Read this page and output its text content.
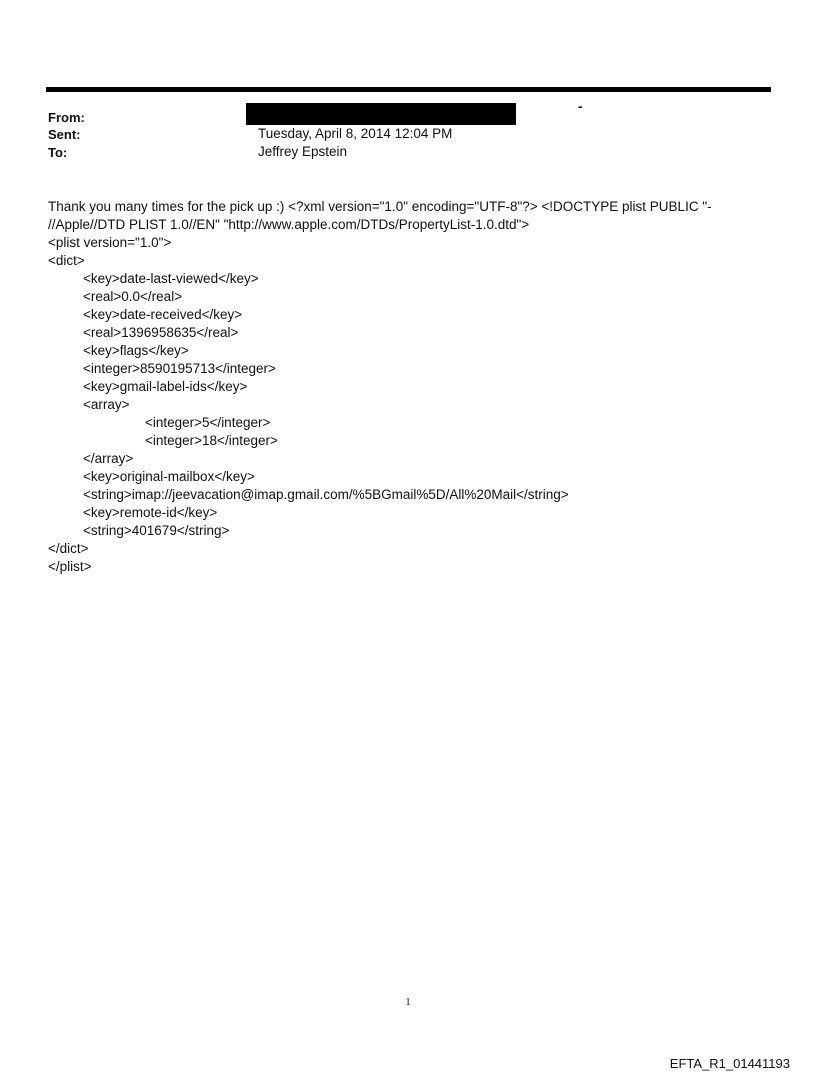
From:
-
Sent:	Tuesday, April 8, 2014 12:04 PM
To:	Jeffrey Epstein
Thank you many times for the pick up :) <?xml version="1.0" encoding="UTF-8"?> <!DOCTYPE plist PUBLIC "-
//Apple//DTD PLIST 1.0//EN" "http://www.apple.com/DTDs/PropertyList-1.0.dtd">
<plist version="1.0">
<dict>
<key>date-last-viewed</key>
<real>0.0</real>
<key>date-received</key>
<real>1396958635</real>
<key>flags</key>
<integer>8590195713</integer>
<key>gmail-label-ids</key>
<array>
<integer>5</integer>
<integer>18</integer>
</array>
<key>original-mailbox</key>
<string>imap://jeevacation@imap.gmail.com/%5BGmail%5D/All%20Mail</string>
<key>remote-id</key>
<string>401679</string>
</dict>
</plist>
1
EFTA_R1_01441193
